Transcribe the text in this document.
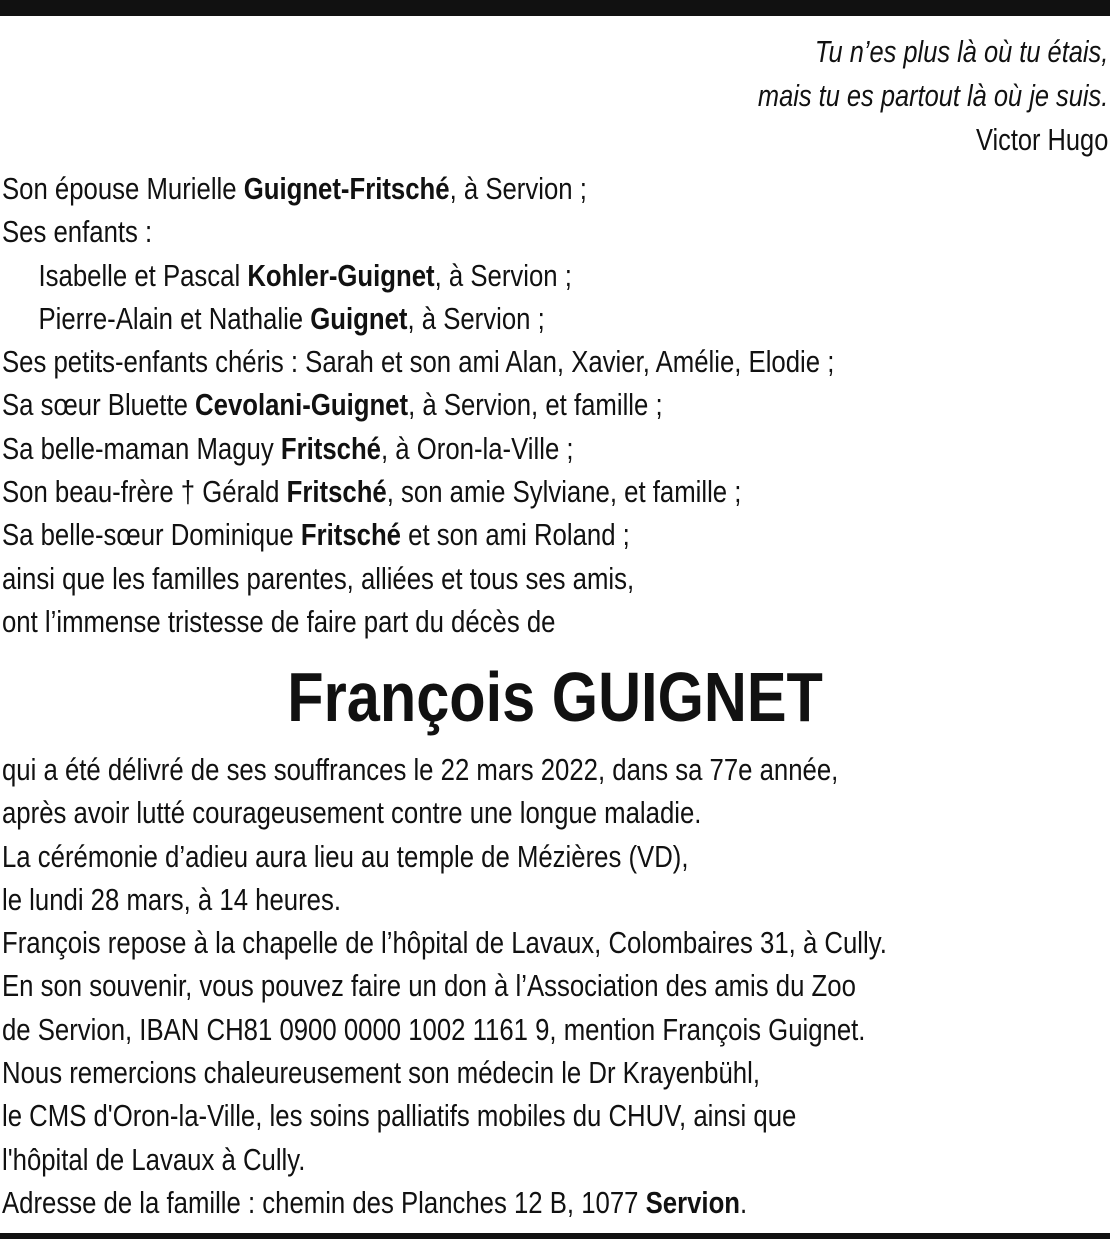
Tu n’es plus là où tu étais,
mais tu es partout là où je suis.
Victor Hugo
Son épouse Murielle Guignet-Fritsché, à Servion ;
Ses enfants :
Isabelle et Pascal Kohler-Guignet, à Servion ;
Pierre-Alain et Nathalie Guignet, à Servion ;
Ses petits-enfants chéris : Sarah et son ami Alan, Xavier, Amélie, Elodie ;
Sa sœur Bluette Cevolani-Guignet, à Servion, et famille ;
Sa belle-maman Maguy Fritsché, à Oron-la-Ville ;
Son beau-frère † Gérald Fritsché, son amie Sylviane, et famille ;
Sa belle-sœur Dominique Fritsché et son ami Roland ;
ainsi que les familles parentes, alliées et tous ses amis,
ont l’immense tristesse de faire part du décès de
François GUIGNET
qui a été délivré de ses souffrances le 22 mars 2022, dans sa 77e année,
après avoir lutté courageusement contre une longue maladie.
La cérémonie d’adieu aura lieu au temple de Mézières (VD),
le lundi 28 mars, à 14 heures.
François repose à la chapelle de l’hôpital de Lavaux, Colombaires 31, à Cully.
En son souvenir, vous pouvez faire un don à l’Association des amis du Zoo
de Servion, IBAN CH81 0900 0000 1002 1161 9, mention François Guignet.
Nous remercions chaleureusement son médecin le Dr Krayenbühl,
le CMS d'Oron-la-Ville, les soins palliatifs mobiles du CHUV, ainsi que
l'hôpital de Lavaux à Cully.
Adresse de la famille : chemin des Planches 12 B, 1077 Servion.
